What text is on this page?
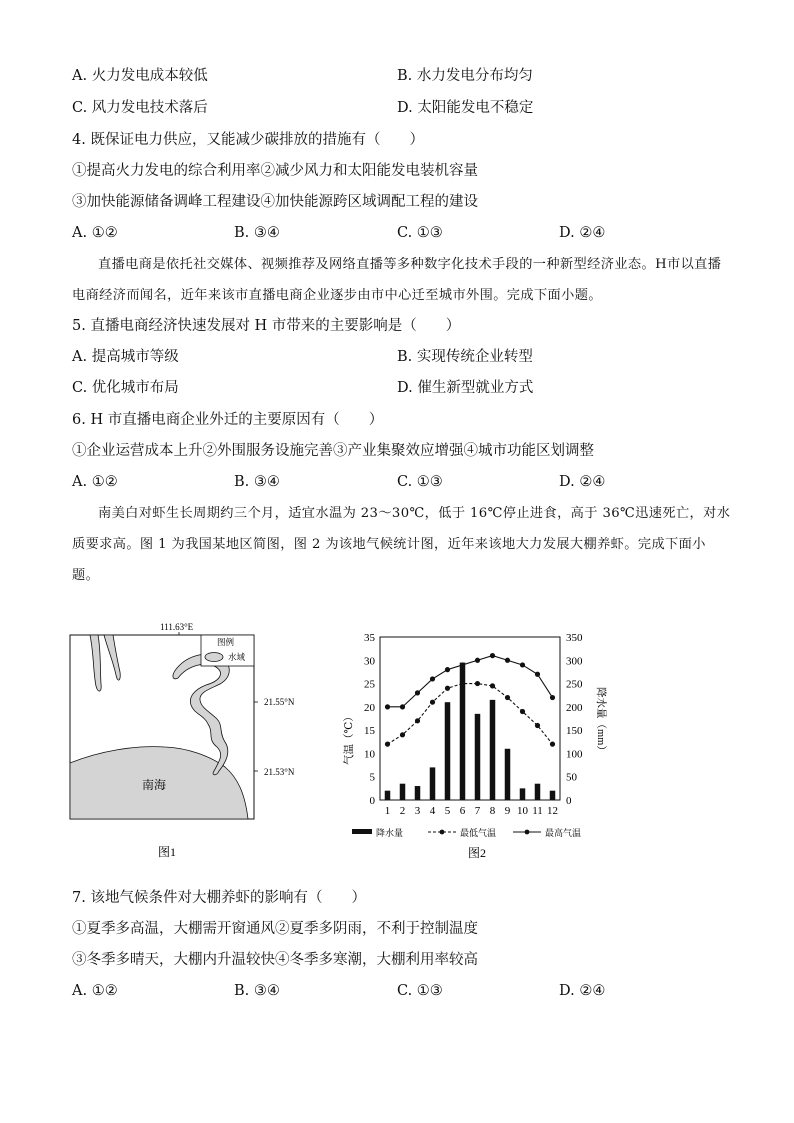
A. 火力发电成本较低	B. 水力发电分布均匀
C. 风力发电技术落后	D. 太阳能发电不稳定
4. 既保证电力供应，又能减少碳排放的措施有（　　）
①提高火力发电的综合利用率②减少风力和太阳能发电装机容量
③加快能源储备调峰工程建设④加快能源跨区域调配工程的建设
A. ①②	B. ③④	C. ①③	D. ②④

直播电商是依托社交媒体、视频推荐及网络直播等多种数字化技术手段的一种新型经济业态。H市以直播电商经济而闻名，近年来该市直播电商企业逐步由市中心迁至城市外围。完成下面小题。

5. 直播电商经济快速发展对 H 市带来的主要影响是（　　）
A. 提高城市等级	B. 实现传统企业转型
C. 优化城市布局	D. 催生新型就业方式
6. H 市直播电商企业外迁的主要原因有（　　）
①企业运营成本上升②外围服务设施完善③产业集聚效应增强④城市功能区划调整
A. ①②	B. ③④	C. ①③	D. ②④

南美白对虾生长周期约三个月，适宜水温为 23～30℃，低于 16℃停止进食，高于 36℃迅速死亡，对水质要求高。图 1 为我国某地区简图，图 2 为该地气候统计图，近年来该地大力发展大棚养虾。完成下面小题。

111.63°E
图例
水域
21.55°N
21.53°N
南海
图1
0
5
10
15
20
25
30
35
0
50
100
150
200
250
300
350
1 2 3 4 5 6 7 8 9 10 11 12
气温（℃）	降水量（mm）
降水量	最低气温	最高气温
图2
7. 该地气候条件对大棚养虾的影响有（　　）
①夏季多高温，大棚需开窗通风②夏季多阴雨，不利于控制温度
③冬季多晴天，大棚内升温较快④冬季多寒潮，大棚利用率较高
A. ①②	B. ③④	C. ①③	D. ②④
